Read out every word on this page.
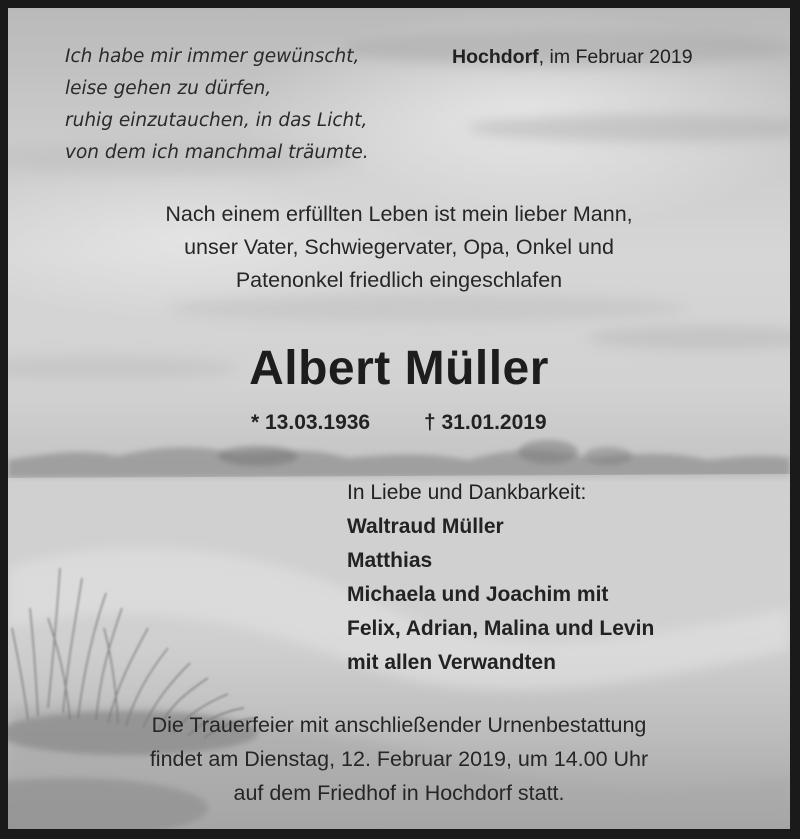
Ich habe mir immer gewünscht,
leise gehen zu dürfen,
ruhig einzutauchen, in das Licht,
von dem ich manchmal träumte.
Hochdorf, im Februar 2019
Nach einem erfüllten Leben ist mein lieber Mann,
unser Vater, Schwiegervater, Opa, Onkel und
Patenonkel friedlich eingeschlafen
Albert Müller
* 13.03.1936	† 31.01.2019
In Liebe und Dankbarkeit:
Waltraud Müller
Matthias
Michaela und Joachim mit
Felix, Adrian, Malina und Levin
mit allen Verwandten
Die Trauerfeier mit anschließender Urnenbestattung
findet am Dienstag, 12. Februar 2019, um 14.00 Uhr
auf dem Friedhof in Hochdorf statt.
